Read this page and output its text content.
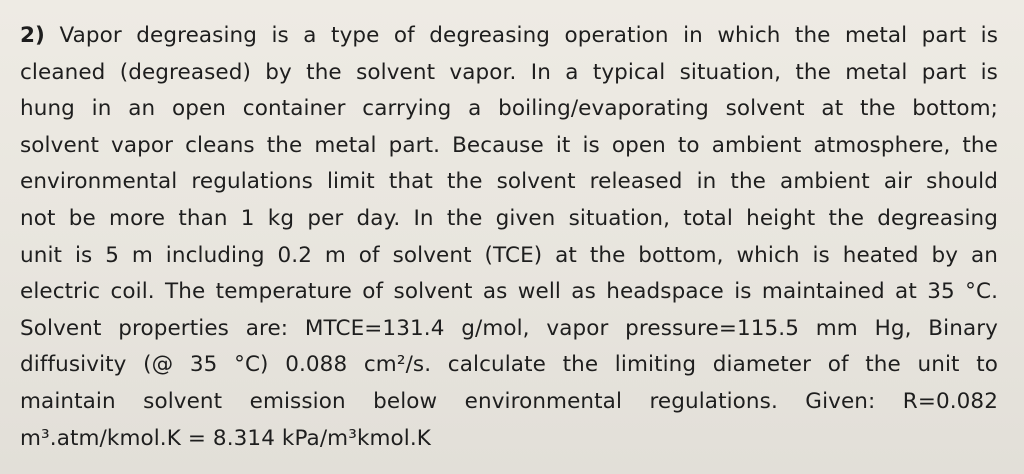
2) Vapor degreasing is a type of degreasing operation in which the metal part is
cleaned (degreased) by the solvent vapor. In a typical situation, the metal part is
hung in an open container carrying a boiling/evaporating solvent at the bottom;
solvent vapor cleans the metal part. Because it is open to ambient atmosphere, the
environmental regulations limit that the solvent released in the ambient air should
not be more than 1 kg per day. In the given situation, total height the degreasing
unit is 5 m including 0.2 m of solvent (TCE) at the bottom, which is heated by an
electric coil. The temperature of solvent as well as headspace is maintained at 35 °C.
Solvent properties are: MTCE=131.4 g/mol, vapor pressure=115.5 mm Hg, Binary
diffusivity (@ 35 °C) 0.088 cm²/s. calculate the limiting diameter of the unit to
maintain solvent emission below environmental regulations. Given: R=0.082
m³.atm/kmol.K = 8.314 kPa/m³kmol.K
